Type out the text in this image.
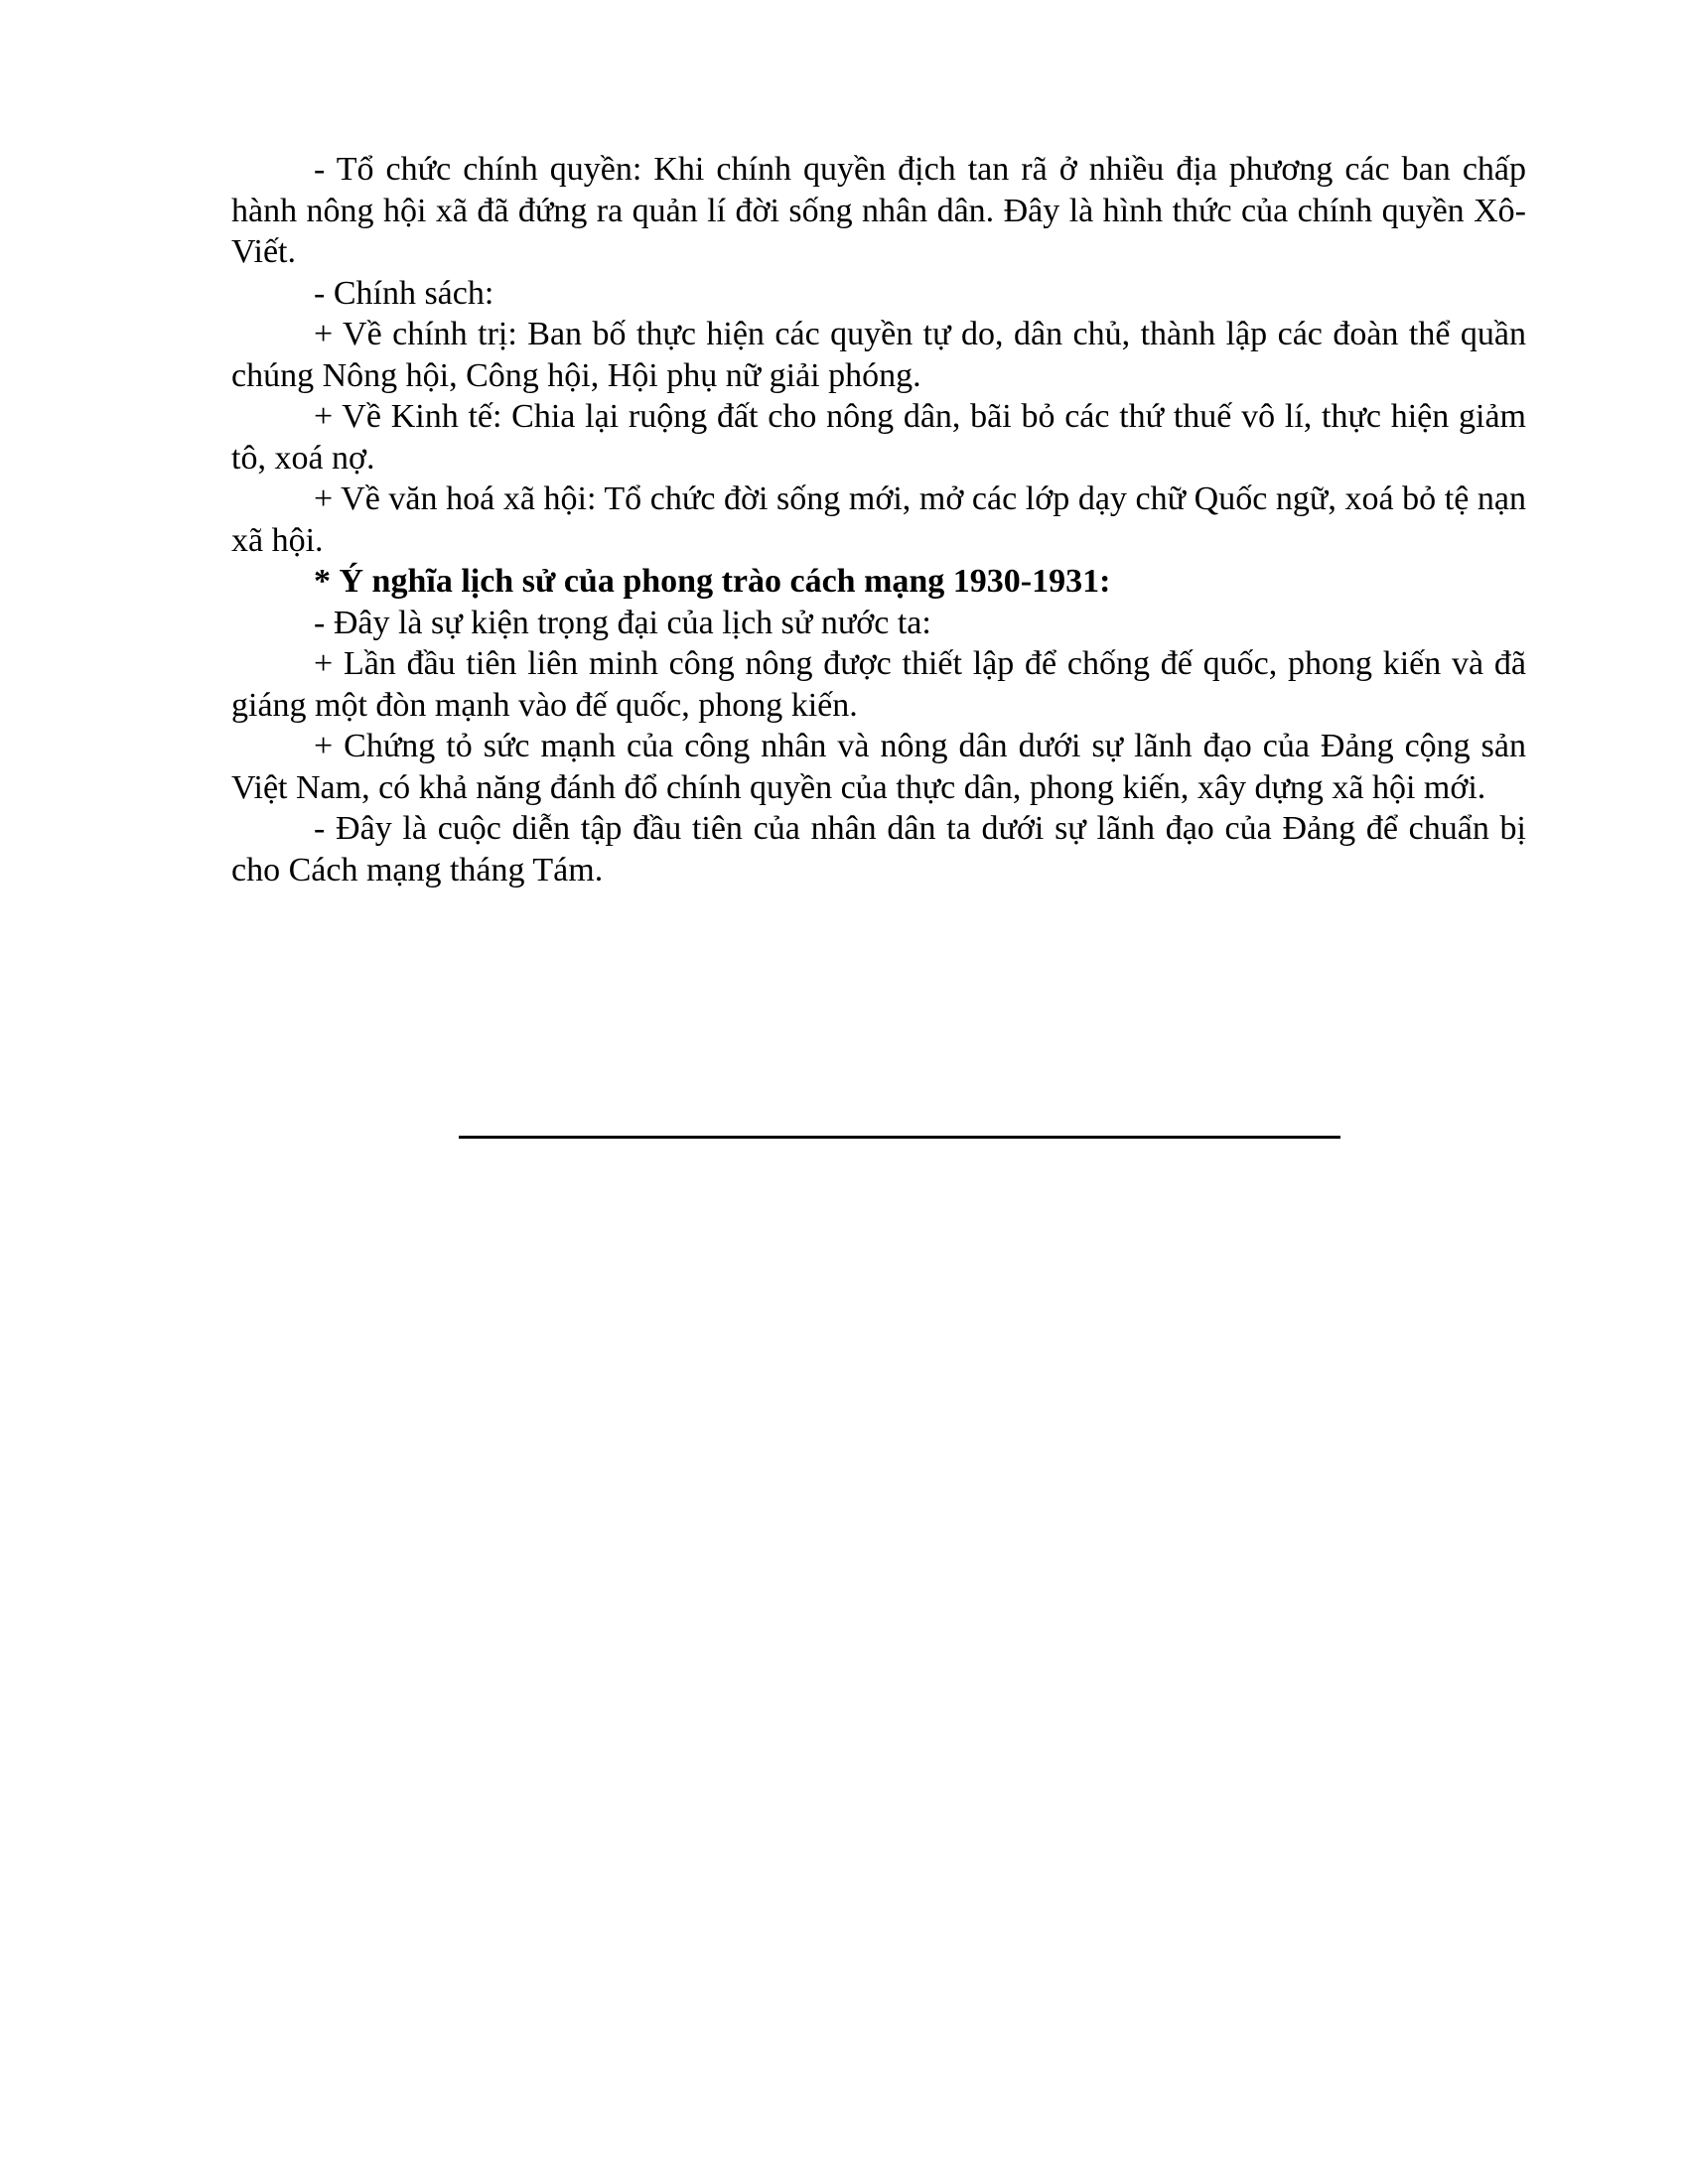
- Tổ chức chính quyền: Khi chính quyền địch tan rã ở nhiều địa phương các ban chấp hành nông hội xã đã đứng ra quản lí đời sống nhân dân. Đây là hình thức của chính quyền Xô-Viết.

- Chính sách:

+ Về chính trị: Ban bố thực hiện các quyền tự do, dân chủ, thành lập các đoàn thể quần chúng Nông hội, Công hội, Hội phụ nữ giải phóng.

+ Về Kinh tế: Chia lại ruộng đất cho nông dân, bãi bỏ các thứ thuế vô lí, thực hiện giảm tô, xoá nợ.

+ Về văn hoá xã hội: Tổ chức đời sống mới, mở các lớp dạy chữ Quốc ngữ, xoá bỏ tệ nạn xã hội.

* Ý nghĩa lịch sử của phong trào cách mạng 1930-1931:

- Đây là sự kiện trọng đại của lịch sử nước ta:

+ Lần đầu tiên liên minh công nông được thiết lập để chống đế quốc, phong kiến và đã giáng một đòn mạnh vào đế quốc, phong kiến.

+ Chứng tỏ sức mạnh của công nhân và nông dân dưới sự lãnh đạo của Đảng cộng sản Việt Nam, có khả năng đánh đổ chính quyền của thực dân, phong kiến, xây dựng xã hội mới.

- Đây là cuộc diễn tập đầu tiên của nhân dân ta dưới sự lãnh đạo của Đảng để chuẩn bị cho Cách mạng tháng Tám.
